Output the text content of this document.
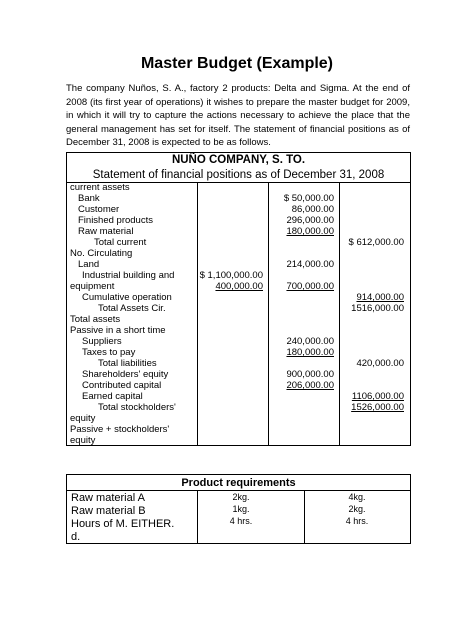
Master Budget (Example)
The company Nuños, S. A., factory 2 products: Delta and Sigma. At the end of
2008 (its first year of operations) it wishes to prepare the master budget for 2009,
in which it will try to capture the actions necessary to achieve the place that the
general management has set for itself. The statement of financial positions as of
December 31, 2008 is expected to be as follows.
NUÑO COMPANY, S. TO.
Statement of financial positions as of December 31, 2008
current assets
Bank
Customer
Finished products
Raw material
Total current
No. Circulating
Land
Industrial building and
equipment
Cumulative operation
Total Assets Cir.
Total assets
Passive in a short time
Suppliers
Taxes to pay
Total liabilities
Shareholders' equity
Contributed capital
Earned capital
Total stockholders'
equity
Passive + stockholders'
equity
$ 1,100,000.00
400,000.00
$ 50,000.00
86,000.00
296,000.00
180,000.00
214,000.00
700,000.00
240,000.00
180,000.00
900,000.00
206,000.00
$ 612,000.00
914,000.00
1516,000.00
420,000.00
1106,000.00
1526,000.00
Product requirements
Raw material A
Raw material B
Hours of M. EITHER.
d.
2kg.
1kg.
4 hrs.
4kg.
2kg.
4 hrs.
